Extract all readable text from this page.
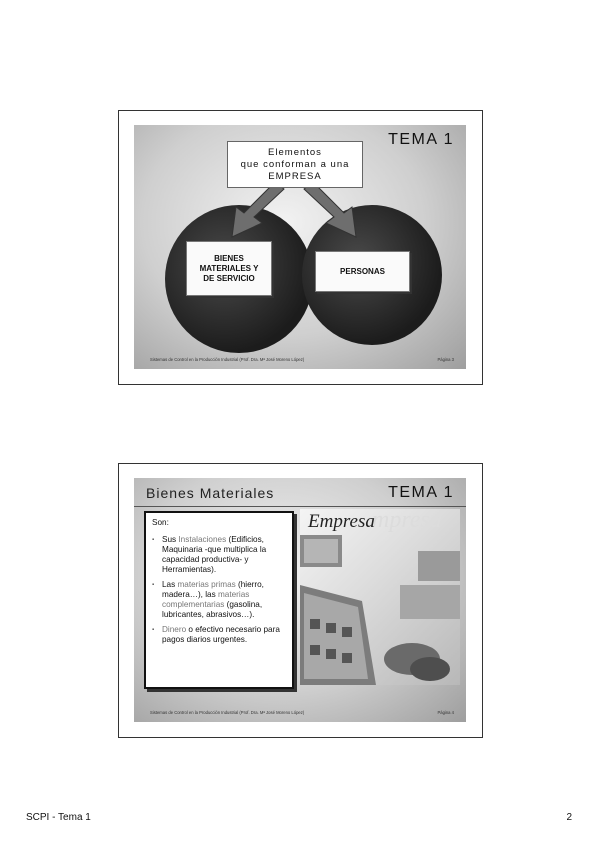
TEMA 1
Elementos
que conforman a una
EMPRESA
BIENES
MATERIALES Y
DE SERVICIO
PERSONAS
Sistemas de Control en la Producción Industrial (Prof. Dra. Mª José Moreno López)	Página 3
Bienes Materiales	TEMA 1
Son:
▪ Sus Instalaciones (Edificios, Maquinaria -que multiplica la capacidad productiva- y Herramientas).
▪ Las materias primas (hierro, madera…), las materias complementarias (gasolina, lubricantes, abrasivos…).
▪ Dinero o efectivo necesario para pagos diarios urgentes.
mpresa
Empresa
Sistemas de Control en la Producción Industrial (Prof. Dra. Mª José Moreno López)	Página 4
SCPI - Tema 1	2
